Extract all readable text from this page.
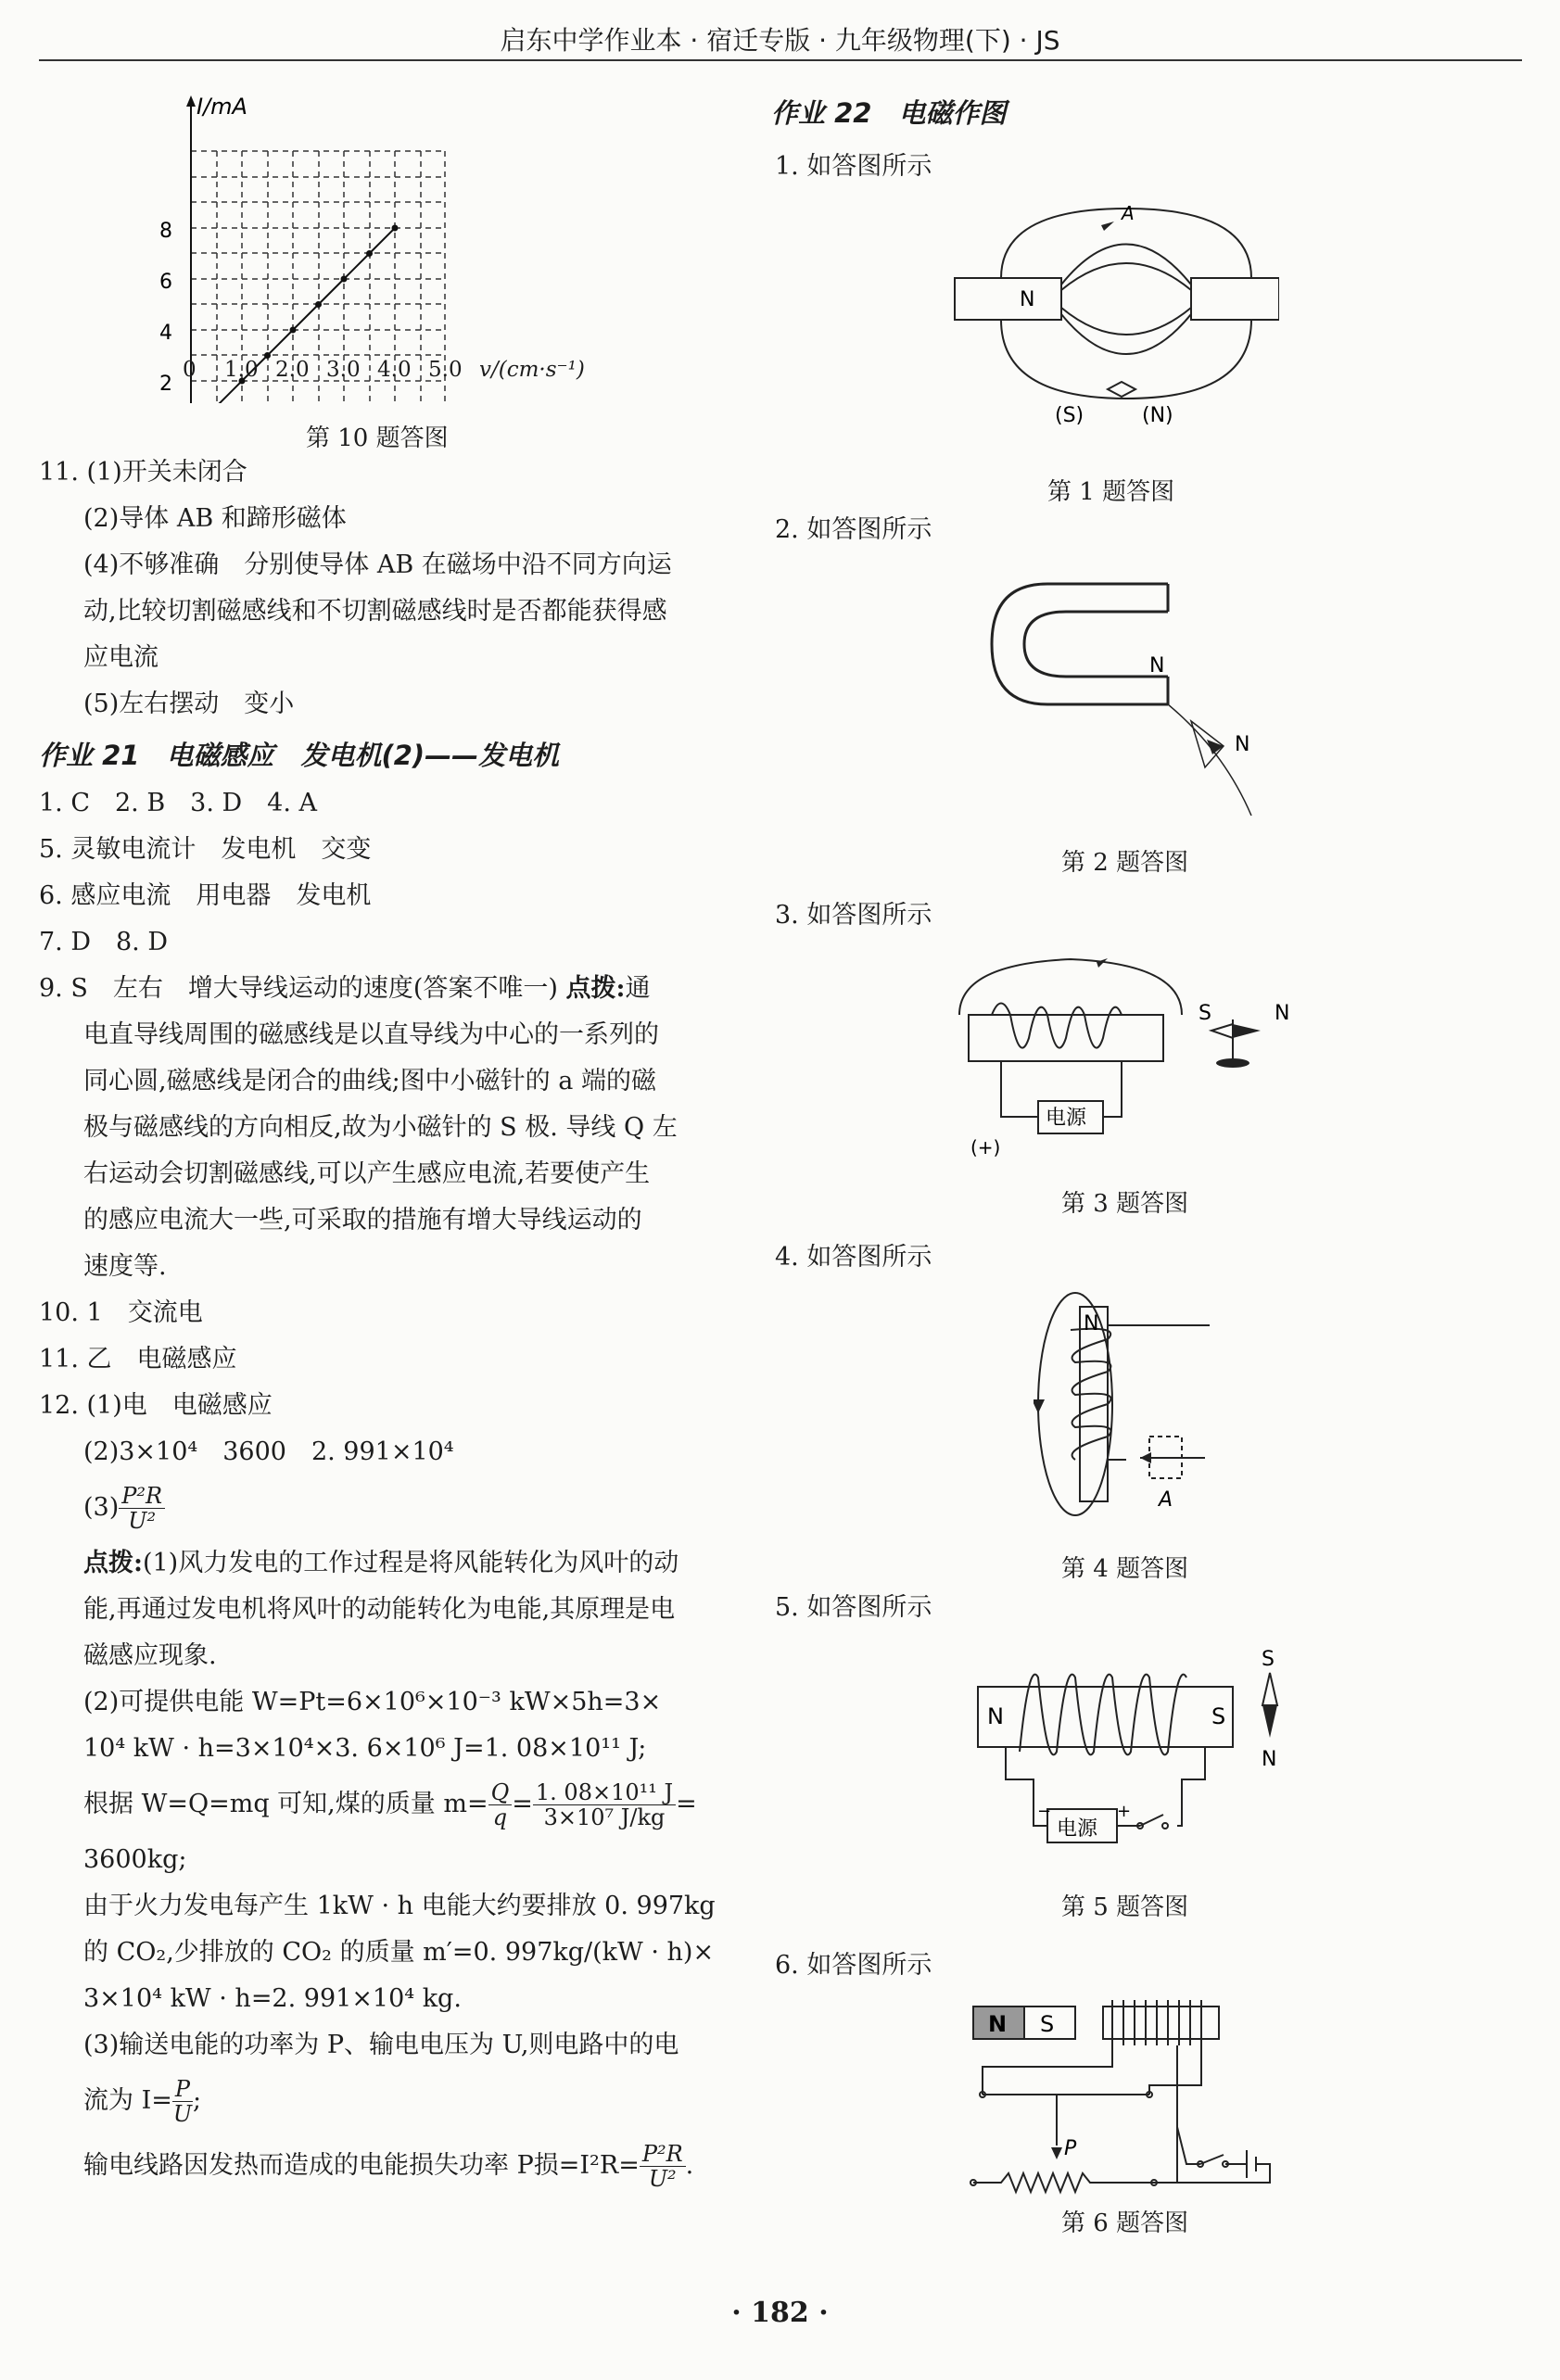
启东中学作业本 · 宿迁专版 · 九年级物理(下) · JS
I/mA
2
4
6
8
0 1.0 2.0 3.0 4.0 5.0 v/(cm·s⁻¹)
第 10 题答图
11. (1)开关未闭合
(2)导体 AB 和蹄形磁体
(4)不够准确　分别使导体 AB 在磁场中沿不同方向运
动,比较切割磁感线和不切割磁感线时是否都能获得感
应电流
(5)左右摆动　变小
作业 21　电磁感应　发电机(2)——发电机
1. C　2. B　3. D　4. A
5. 灵敏电流计　发电机　交变
6. 感应电流　用电器　发电机
7. D　8. D
9. S　左右　增大导线运动的速度(答案不唯一) 点拨:通
电直导线周围的磁感线是以直导线为中心的一系列的
同心圆,磁感线是闭合的曲线;图中小磁针的 a 端的磁
极与磁感线的方向相反,故为小磁针的 S 极. 导线 Q 左
右运动会切割磁感线,可以产生感应电流,若要使产生
的感应电流大一些,可采取的措施有增大导线运动的
速度等.
10. 1　交流电
11. 乙　电磁感应
12. (1)电　电磁感应
(2)3×10⁴　3600　2. 991×10⁴
$(3) \frac{\text{P²R}}{\text{U²}}$
点拨:(1)风力发电的工作过程是将风能转化为风叶的动
能,再通过发电机将风叶的动能转化为电能,其原理是电
磁感应现象.
(2)可提供电能 W=Pt=6×10⁶×10⁻³ kW×5h=3×
10⁴ kW · h=3×10⁴×3. 6×10⁶ J=1. 08×10¹¹ J;
根据 W=Q=mq 可知,煤的质量 $m= \frac{Q}{q} = \frac{\text{1. 08×10¹¹ J}}{\text{3×10⁷ J/kg}}$ =
3600kg;
由于火力发电每产生 1kW · h 电能大约要排放 0. 997kg
的 CO₂,少排放的 CO₂ 的质量 m′=0. 997kg/(kW · h)×
3×10⁴ kW · h=2. 991×10⁴ kg.
(3)输送电能的功率为 P、输电电压为 U,则电路中的电
流为 $I= \frac{P}{U}$ ;
输电线路因发热而造成的电能损失功率 P损$=I^2R= \frac{\text{P²R}}{\text{U²}}$ .
作业 22　电磁作图
1. 如答图所示
N
A
(S)	(N)
第 1 题答图
2. 如答图所示
N
N
第 2 题答图
3. 如答图所示
S	N
电源
(+)
第 3 题答图
4. 如答图所示
N
A
第 4 题答图
5. 如答图所示
N	S
S
N
电源
−	+
第 5 题答图
6. 如答图所示
N S
P
第 6 题答图
· 182 ·
